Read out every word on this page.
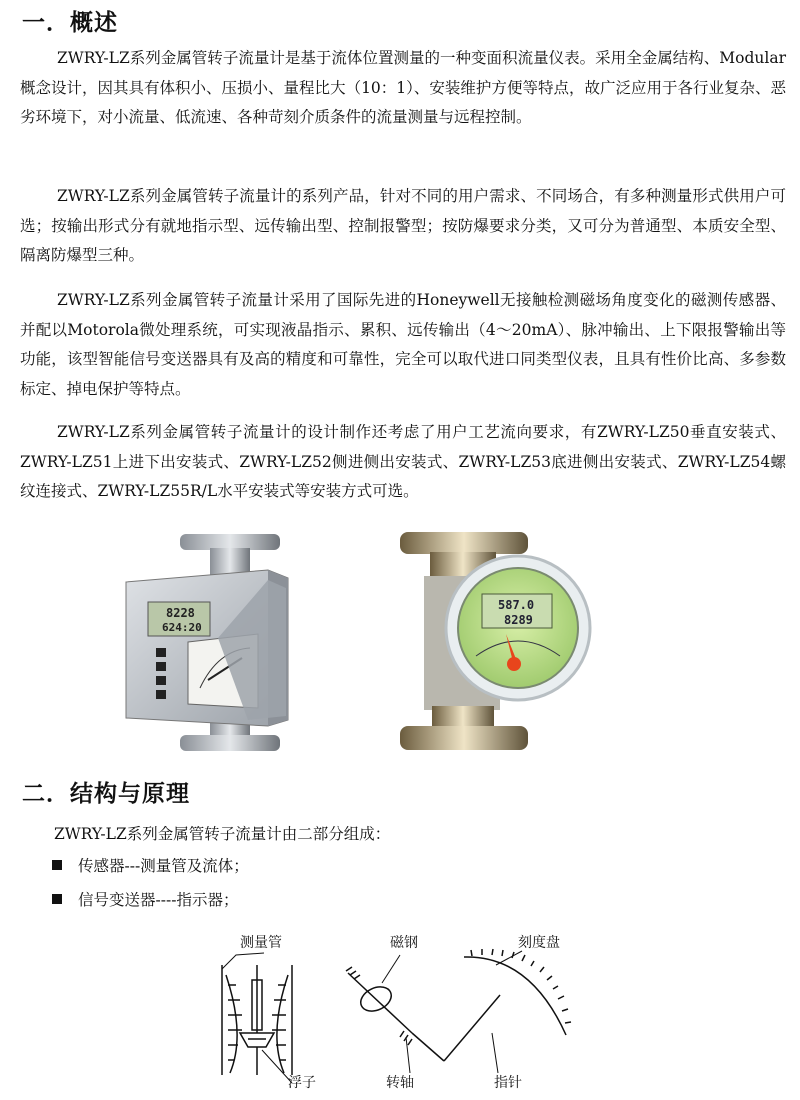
一．概述

ZWRY-LZ系列金属管转子流量计是基于流体位置测量的一种变面积流量仪表。采用全金属结构、Modular概念设计，因其具有体积小、压损小、量程比大（10：1）、安装维护方便等特点，故广泛应用于各行业复杂、恶劣环境下，对小流量、低流速、各种苛刻介质条件的流量测量与远程控制。

ZWRY-LZ系列金属管转子流量计的系列产品，针对不同的用户需求、不同场合，有多种测量形式供用户可选；按输出形式分有就地指示型、远传输出型、控制报警型；按防爆要求分类，又可分为普通型、本质安全型、隔离防爆型三种。

ZWRY-LZ系列金属管转子流量计采用了国际先进的Honeywell无接触检测磁场角度变化的磁测传感器、并配以Motorola微处理系统，可实现液晶指示、累积、远传输出（4～20mA）、脉冲输出、上下限报警输出等功能，该型智能信号变送器具有及高的精度和可靠性，完全可以取代进口同类型仪表，且具有性价比高、多参数标定、掉电保护等特点。

ZWRY-LZ系列金属管转子流量计的设计制作还考虑了用户工艺流向要求，有ZWRY-LZ50垂直安装式、ZWRY-LZ51上进下出安装式、ZWRY-LZ52侧进侧出安装式、ZWRY-LZ53底进侧出安装式、ZWRY-LZ54螺纹连接式、ZWRY-LZ55R/L水平安装式等安装方式可选。

8228
624:20
587.0
8289
二．结构与原理
ZWRY-LZ系列金属管转子流量计由二部分组成：
传感器---测量管及流体；
信号变送器----指示器；
测量管
浮子
磁钢
转轴
刻度盘
指针
